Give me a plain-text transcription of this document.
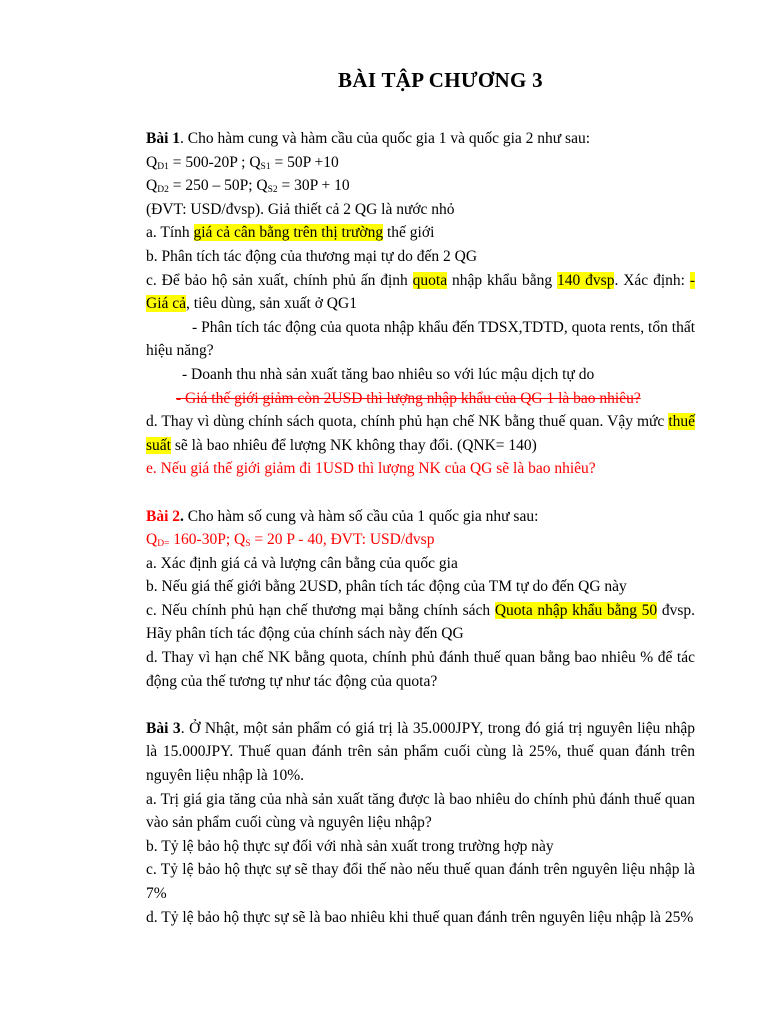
BÀI TẬP CHƯƠNG 3
Bài 1. Cho hàm cung và hàm cầu của quốc gia 1 và quốc gia 2 như sau:
$Q_{D1} = 500-20P$ ; $Q_{S1} = 50P +10$
$Q_{D2} = 250 - 50P$; $Q_{S2} = 30P + 10$
(ĐVT: USD/đvsp). Giả thiết cả 2 QG là nước nhỏ
a. Tính giá cả cân bằng trên thị trường thế giới
b. Phân tích tác động của thương mại tự do đến 2 QG
c. Để bảo hộ sản xuất, chính phủ ấn định quota nhập khẩu bằng 140 đvsp. Xác định: - Giá cả, tiêu dùng, sản xuất ở QG1
- Phân tích tác động của quota nhập khẩu đến TDSX,TDTD, quota rents, tổn thất hiệu năng?
- Doanh thu nhà sản xuất tăng bao nhiêu so với lúc mậu dịch tự do
- Giá thế giới giảm còn 2USD thì lượng nhập khẩu của QG 1 là bao nhiêu?
d. Thay vì dùng chính sách quota, chính phủ hạn chế NK bằng thuế quan. Vậy mức thuế suất sẽ là bao nhiêu để lượng NK không thay đổi. (QNK= 140)
e. Nếu giá thế giới giảm đi 1USD thì lượng NK của QG sẽ là bao nhiêu?
Bài 2. Cho hàm số cung và hàm số cầu của 1 quốc gia như sau:
$Q_{D=}$ 160-30P; $Q_S = 20$ P - 40, ĐVT: USD/đvsp
a. Xác định giá cả và lượng cân bằng của quốc gia
b. Nếu giá thế giới bằng 2USD, phân tích tác động của TM tự do đến QG này
c. Nếu chính phủ hạn chế thương mại bằng chính sách Quota nhập khẩu bằng 50 đvsp. Hãy phân tích tác động của chính sách này đến QG
d. Thay vì hạn chế NK bằng quota, chính phủ đánh thuế quan bằng bao nhiêu % để tác động của thế tương tự như tác động của quota?
Bài 3. Ở Nhật, một sản phẩm có giá trị là 35.000JPY, trong đó giá trị nguyên liệu nhập là 15.000JPY. Thuế quan đánh trên sản phẩm cuối cùng là 25%, thuế quan đánh trên nguyên liệu nhập là 10%.
a. Trị giá gia tăng của nhà sản xuất tăng được là bao nhiêu do chính phủ đánh thuế quan vào sản phẩm cuối cùng và nguyên liệu nhập?
b. Tỷ lệ bảo hộ thực sự đối với nhà sản xuất trong trường hợp này
c. Tỷ lệ bảo hộ thực sự sẽ thay đổi thế nào nếu thuế quan đánh trên nguyên liệu nhập là 7%
d. Tỷ lệ bảo hộ thực sự sẽ là bao nhiêu khi thuế quan đánh trên nguyên liệu nhập là 25%
